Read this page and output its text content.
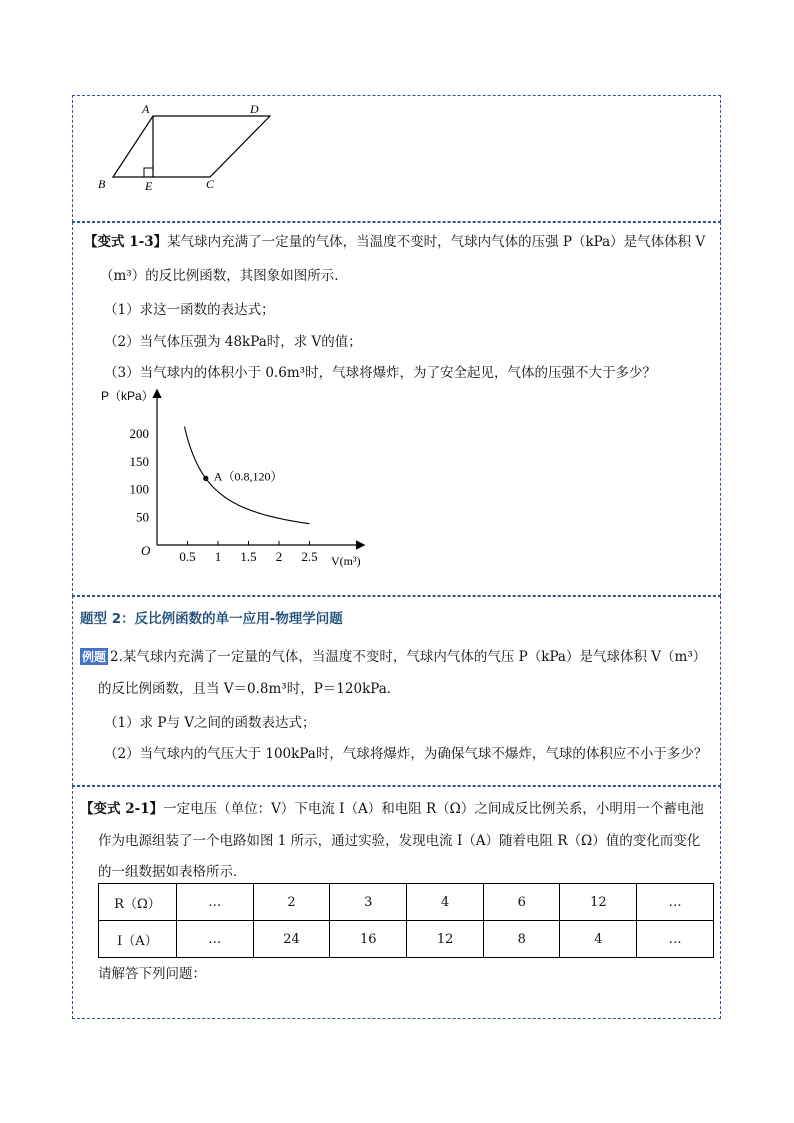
A	D
B	E	C
【变式 1-3】某气球内充满了一定量的气体，当温度不变时，气球内气体的压强 P（kPa）是气体体积 V
（m³）的反比例函数，其图象如图所示．
（1）求这一函数的表达式；
（2）当气体压强为 48kPa时，求 V的值；
（3）当气球内的体积小于 0.6m³时，气球将爆炸，为了安全起见，气体的压强不大于多少？
0.5 1 1.5 2 2.5
200
150
100
50
A（0.8,120）
P（kPa）
V(m³)
O
题型 2：反比例函数的单一应用-物理学问题
例题 2.某气球内充满了一定量的气体，当温度不变时，气球内气体的气压 P（kPa）是气球体积 V（m³）
的反比例函数，且当 V＝0.8m³时，P＝120kPa．
（1）求 P与 V之间的函数表达式；
（2）当气球内的气压大于 100kPa时，气球将爆炸，为确保气球不爆炸，气球的体积应不小于多少？
【变式 2-1】一定电压（单位：V）下电流 I（A）和电阻 R（Ω）之间成反比例关系，小明用一个蓄电池
作为电源组装了一个电路如图 1 所示，通过实验，发现电流 I（A）随着电阻 R（Ω）值的变化而变化
的一组数据如表格所示．
R（Ω）	…	2	3	4	6	12	…
I（A）	…	24	16	12	8	4	…
请解答下列问题：
